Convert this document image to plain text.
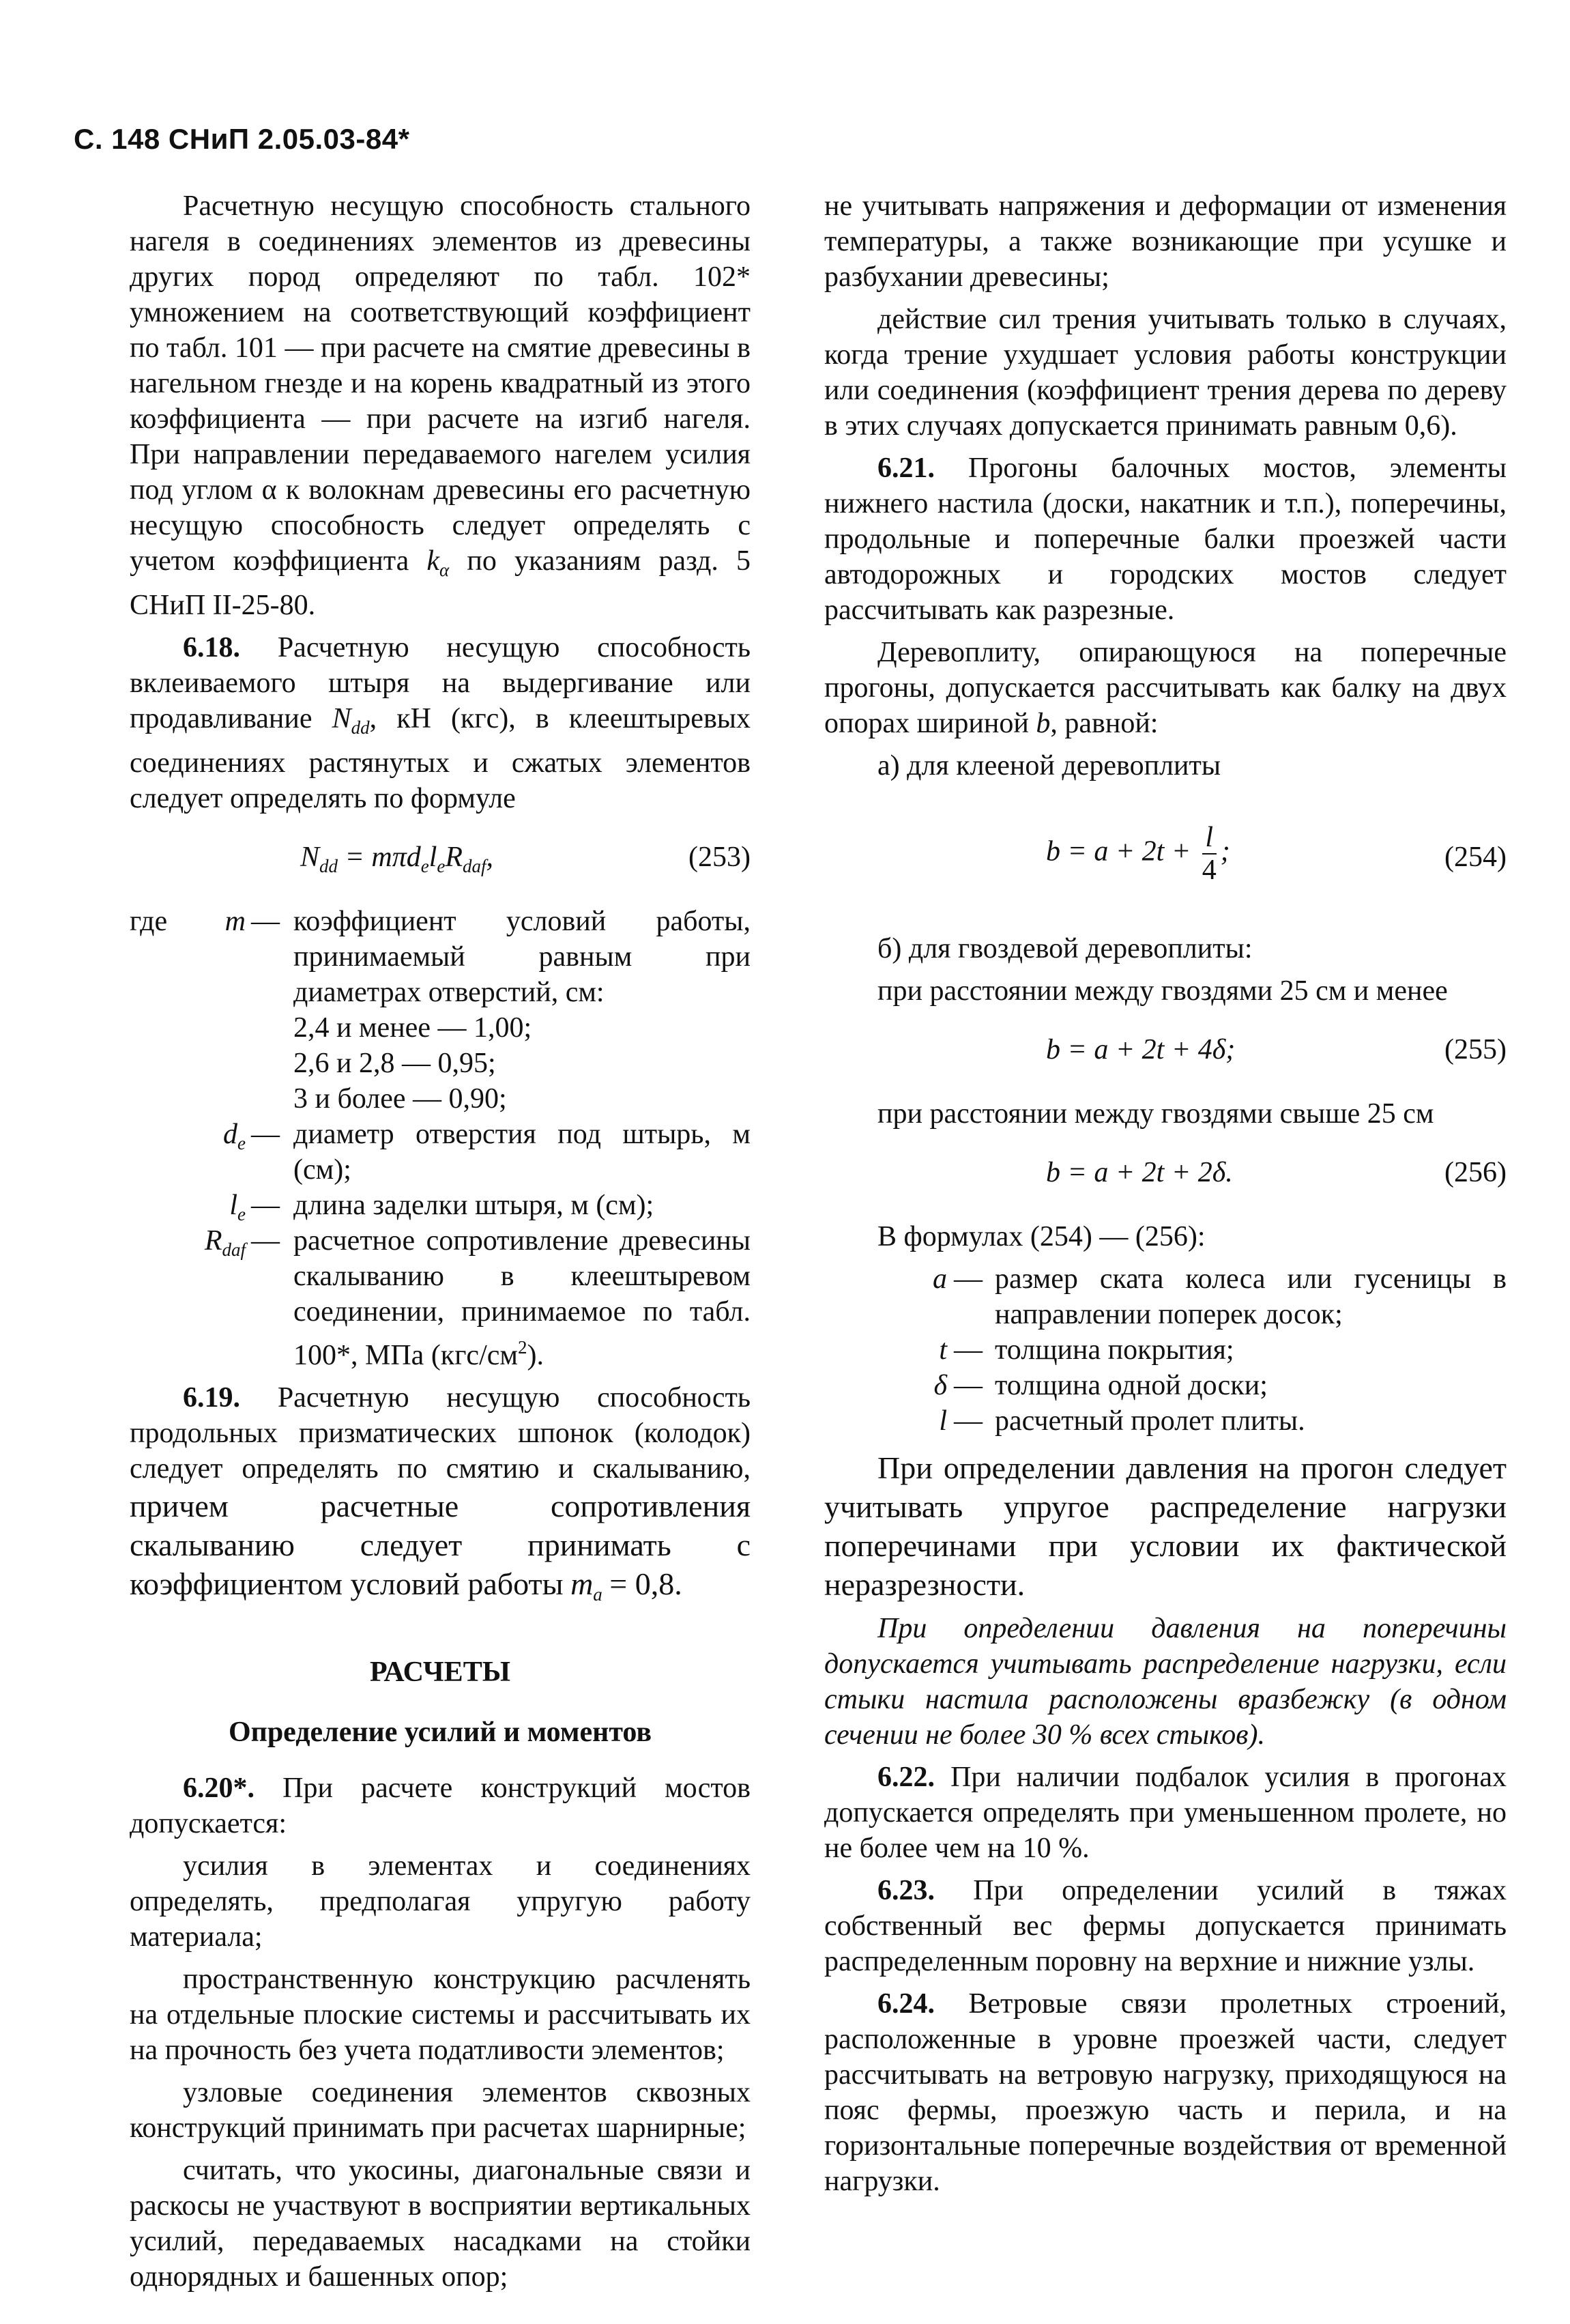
С. 148 СНиП 2.05.03-84*

Расчетную несущую способность стального нагеля в соединениях элементов из древесины других пород определяют по табл. 102* умножением на соответствующий коэффициент по табл. 101 — при расчете на смятие древесины в нагельном гнезде и на корень квадратный из этого коэффициента — при расчете на изгиб нагеля. При направлении передаваемого нагелем усилия под углом α к волокнам древесины его расчетную несущую способность следует определять с учетом коэффициента $k_\alpha$ по указаниям разд. 5 СНиП II-25-80.

6.18. Расчетную несущую способность вклеиваемого штыря на выдергивание или продавливание $N_{dd}$, кН (кгс), в клеештыревых соединениях растянутых и сжатых элементов следует определять по формуле

$N_{dd} = m\pi d_el_eR_{daf}$,	(253)
где	m — коэффициент условий работы, принимаемый равным при диаметрах отверстий, см:
2,4 и менее — 1,00;
2,6 и 2,8 — 0,95;
3 и более — 0,90;
$d_e$ — диаметр отверстия под штырь, м (см);
$l_e$ — длина заделки штыря, м (см);
$R_{daf}$ — расчетное сопротивление древесины скалыванию в клеештыревом соединении, принимаемое по табл. 100*, МПа $(кгс/см^2)$.

6.19. Расчетную несущую способность продольных призматических шпонок (колодок) следует определять по смятию и скалыванию, причем расчетные сопротивления скалыванию следует принимать с коэффициентом условий работы $m_a = 0,8$.

РАСЧЕТЫ

Определение усилий и моментов

6.20*. При расчете конструкций мостов допускается:

усилия в элементах и соединениях определять, предполагая упругую работу материала;

пространственную конструкцию расчленять на отдельные плоские системы и рассчитывать их на прочность без учета податливости элементов;

узловые соединения элементов сквозных конструкций принимать при расчетах шарнирные;

считать, что укосины, диагональные связи и раскосы не участвуют в восприятии вертикальных усилий, передаваемых насадками на стойки однорядных и башенных опор;

не учитывать напряжения и деформации от изменения температуры, а также возникающие при усушке и разбухании древесины;

действие сил трения учитывать только в случаях, когда трение ухудшает условия работы конструкции или соединения (коэффициент трения дерева по дереву в этих случаях допускается принимать равным 0,6).

6.21. Прогоны балочных мостов, элементы нижнего настила (доски, накатник и т.п.), поперечины, продольные и поперечные балки проезжей части автодорожных и городских мостов следует рассчитывать как разрезные.

Деревоплиту, опирающуюся на поперечные прогоны, допускается рассчитывать как балку на двух опорах шириной b, равной:

а) для клееной деревоплиты

$b = a + 2t + \frac{l}{4}$ ;	(254)

б) для гвоздевой деревоплиты:

при расстоянии между гвоздями 25 см и менее

b = a + 2t + 4δ;	(255)

при расстоянии между гвоздями свыше 25 см

b = a + 2t + 2δ.	(256)

В формулах (254) — (256):

a — размер ската колеса или гусеницы в направлении поперек досок;
t — толщина покрытия;
δ — толщина одной доски;
l — расчетный пролет плиты.

При определении давления на прогон следует учитывать упругое распределение нагрузки поперечинами при условии их фактической неразрезности.

При определении давления на поперечины допускается учитывать распределение нагрузки, если стыки настила расположены вразбежку (в одном сечении не более 30 % всех стыков).

6.22. При наличии подбалок усилия в прогонах допускается определять при уменьшенном пролете, но не более чем на 10 %.

6.23. При определении усилий в тяжах собственный вес фермы допускается принимать распределенным поровну на верхние и нижние узлы.

6.24. Ветровые связи пролетных строений, расположенные в уровне проезжей части, следует рассчитывать на ветровую нагрузку, приходящуюся на пояс фермы, проезжую часть и перила, и на горизонтальные поперечные воздействия от временной нагрузки.
